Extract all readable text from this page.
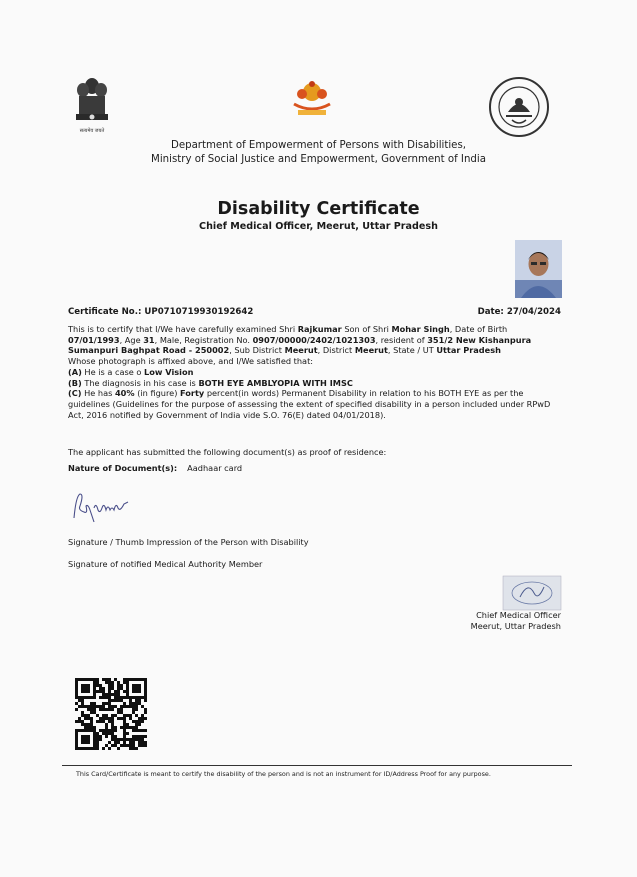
सत्यमेव जयते
Department of Empowerment of Persons with Disabilities,
Ministry of Social Justice and Empowerment, Government of India
Disability Certificate
Chief Medical Officer, Meerut, Uttar Pradesh
Certificate No.: UP0710719930192642	Date: 27/04/2024

This is to certify that I/We have carefully examined Shri Rajkumar Son of Shri Mohar Singh, Date of Birth 07/01/1993, Age 31, Male, Registration No. 0907/00000/2402/1021303, resident of 351/2 New Kishanpura Sumanpuri Baghpat Road - 250002, Sub District Meerut, District Meerut, State / UT Uttar Pradesh

Whose photograph is affixed above, and I/We satisfied that:

(A) He is a case o Low Vision

(B) The diagnosis in his case is BOTH EYE AMBLYOPIA WITH IMSC

(C) He has 40% (in figure) Forty percent(in words) Permanent Disability in relation to his BOTH EYE as per the guidelines (Guidelines for the purpose of assessing the extent of specified disability in a person included under RPwD Act, 2016 notified by Government of India vide S.O. 76(E) dated 04/01/2018).

The applicant has submitted the following document(s) as proof of residence:
Nature of Document(s): Aadhaar card
Signature / Thumb Impression of the Person with Disability
Signature of notified Medical Authority Member
Chief Medical Officer
Meerut, Uttar Pradesh
This Card/Certificate is meant to certify the disability of the person and is not an instrument for ID/Address Proof for any purpose.
